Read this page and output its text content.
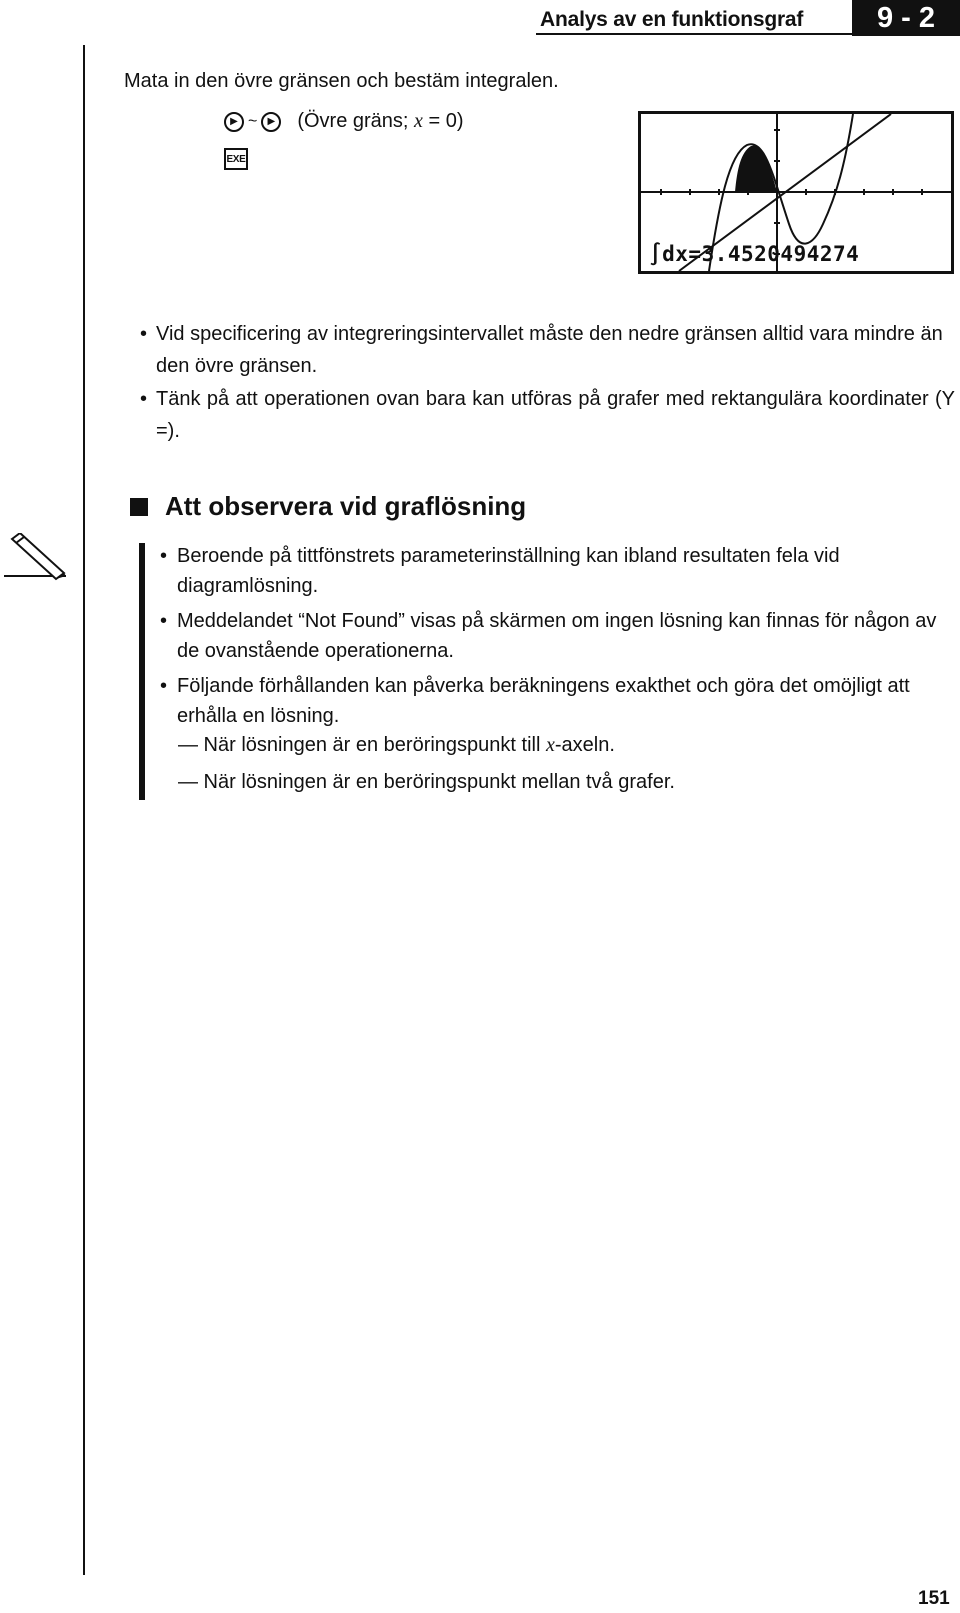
Analys av en funktionsgraf	9 - 2
Mata in den övre gränsen och bestäm integralen.
▶ ~	▶	(Övre gräns; x = 0)
EXE
∫dx=3.4520494274
• Vid specificering av integreringsintervallet måste den nedre gränsen alltid vara mindre än den övre gränsen.
• Tänk på att operationen ovan bara kan utföras på grafer med rektangulära koordinater (Y =).
Att observera vid graflösning
• Beroende på tittfönstrets parameterinställning kan ibland resultaten fela vid diagramlösning.
• Meddelandet “Not Found” visas på skärmen om ingen lösning kan finnas för någon av de ovanstående operationerna.
• Följande förhållanden kan påverka beräkningens exakthet och göra det omöjligt att erhålla en lösning.
— När lösningen är en beröringspunkt till x-axeln.
— När lösningen är en beröringspunkt mellan två grafer.
151
